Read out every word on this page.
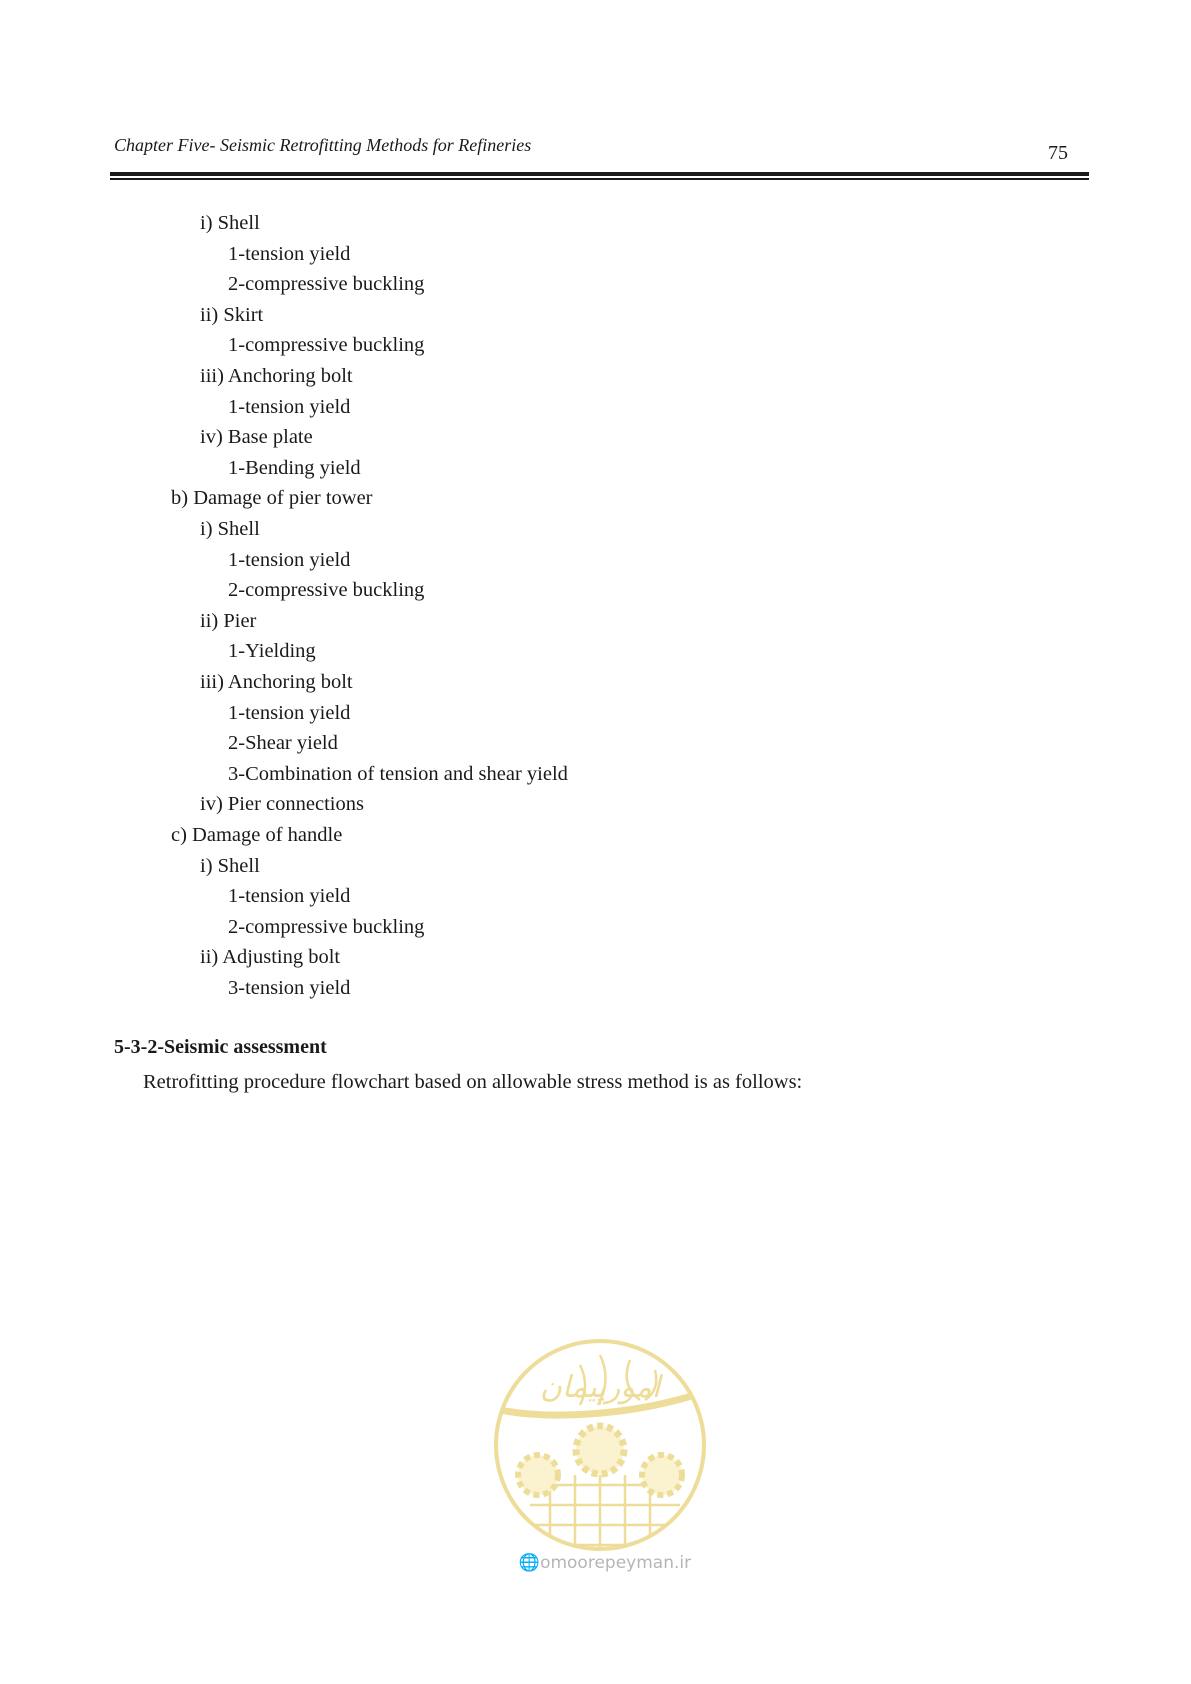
Chapter Five- Seismic Retrofitting Methods for Refineries	75
i) Shell
1-tension yield
2-compressive buckling
ii) Skirt
1-compressive buckling
iii) Anchoring bolt
1-tension yield
iv) Base plate
1-Bending yield
b) Damage of pier tower
i) Shell
1-tension yield
2-compressive buckling
ii) Pier
1-Yielding
iii) Anchoring bolt
1-tension yield
2-Shear yield
3-Combination of tension and shear yield
iv) Pier connections
c) Damage of handle
i) Shell
1-tension yield
2-compressive buckling
ii) Adjusting bolt
3-tension yield
5-3-2-Seismic assessment
Retrofitting procedure flowchart based on allowable stress method is as follows:
امورپیمان
🌐omoorepeyman.ir
